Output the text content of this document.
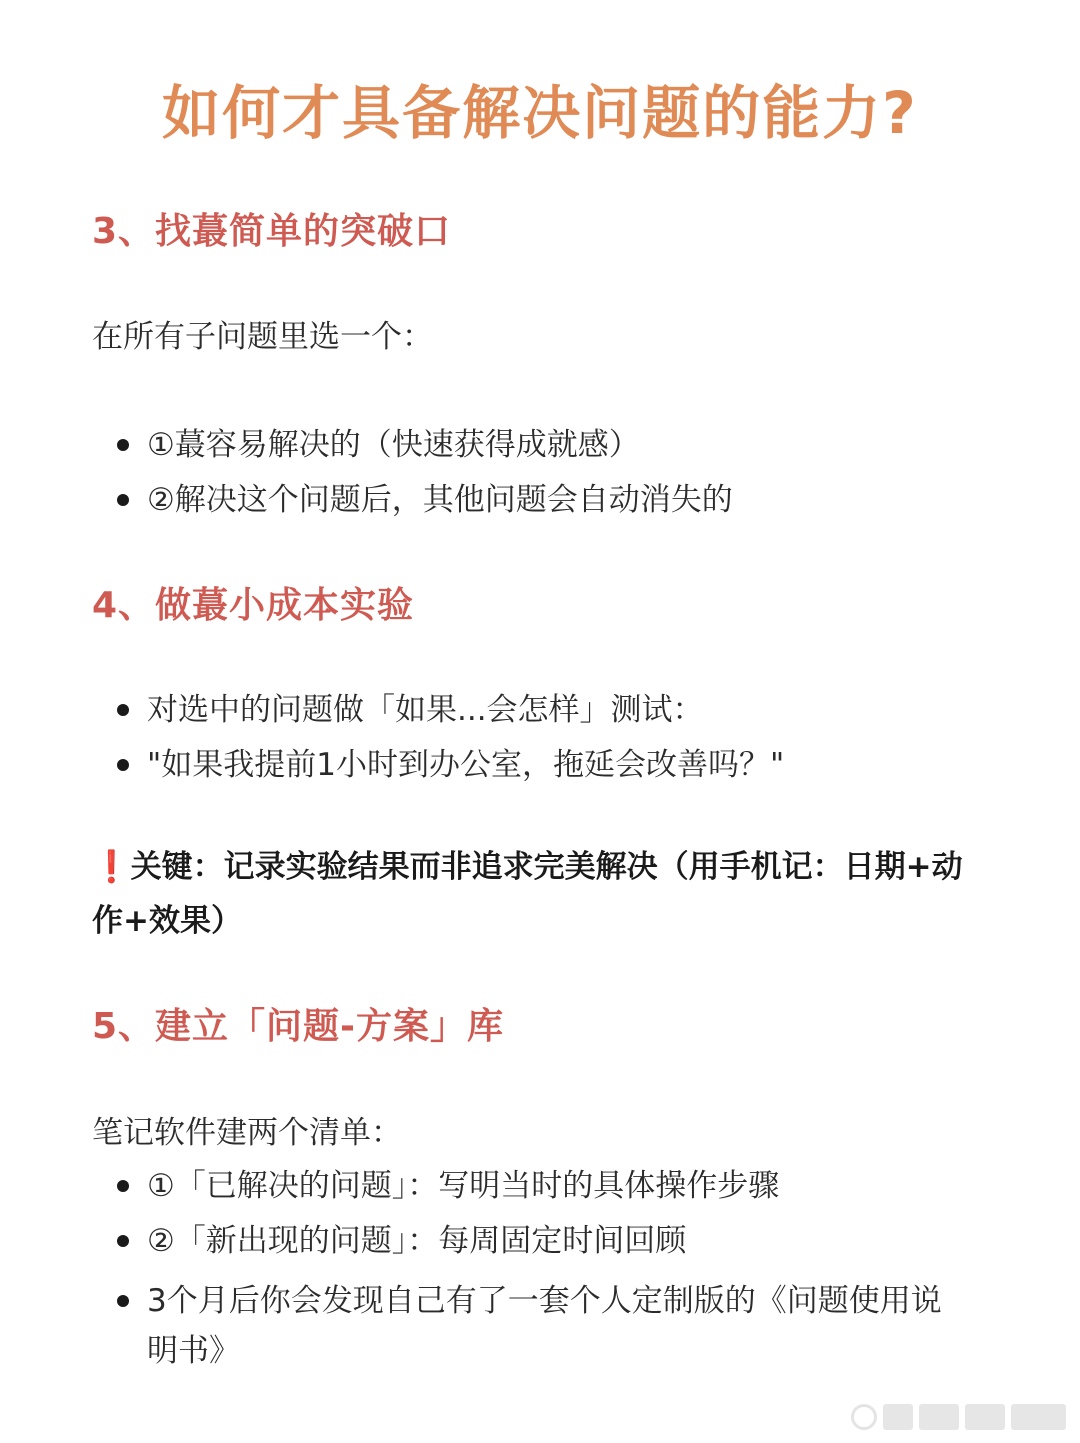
如何才具备解决问题的能力?
3、找蕞简单的突破口
在所有子问题里选一个：
①蕞容易解决的（快速获得成就感）
②解决这个问题后，其他问题会自动消失的
4、做蕞小成本实验
对选中的问题做「如果...会怎样」测试：
"如果我提前1小时到办公室，拖延会改善吗？"
❗关键：记录实验结果而非追求完美解决（用手机记：日期+动作+效果）
5、建立「问题-方案」库
笔记软件建两个清单：
①「已解决的问题」：写明当时的具体操作步骤
②「新出现的问题」：每周固定时间回顾
3个月后你会发现自己有了一套个人定制版的《问题使用说明书》
